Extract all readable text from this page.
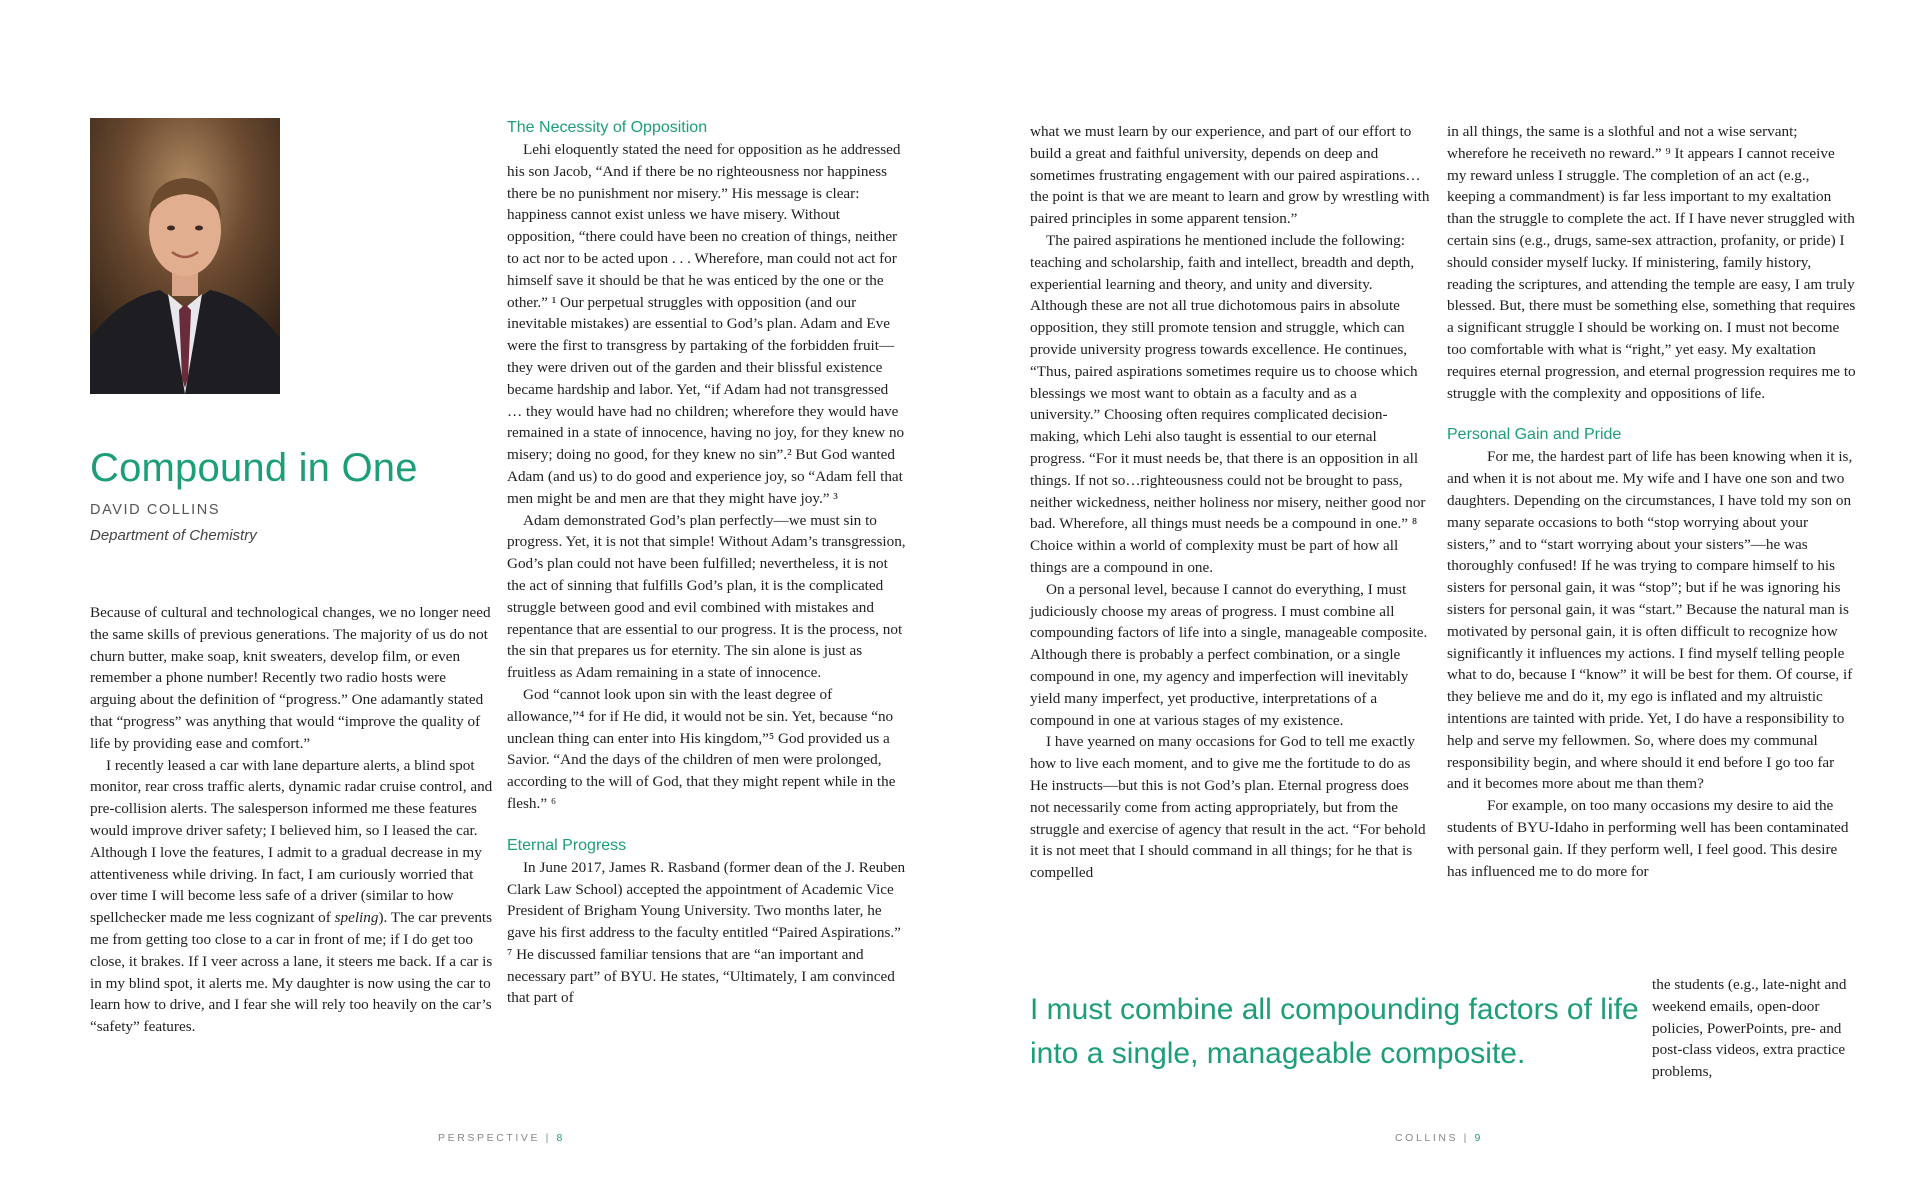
Compound in One
DAVID COLLINS
Department of Chemistry

Because of cultural and technological changes, we no longer need the same skills of previous generations. The majority of us do not churn butter, make soap, knit sweaters, develop film, or even remember a phone number! Recently two radio hosts were arguing about the definition of “progress.” One adamantly stated that “progress” was anything that would “improve the quality of life by providing ease and comfort.”

I recently leased a car with lane departure alerts, a blind spot monitor, rear cross traffic alerts, dynamic radar cruise control, and pre-collision alerts. The salesperson informed me these features would improve driver safety; I believed him, so I leased the car. Although I love the features, I admit to a gradual decrease in my attentiveness while driving. In fact, I am curiously worried that over time I will become less safe of a driver (similar to how spellchecker made me less cognizant of speling). The car prevents me from getting too close to a car in front of me; if I do get too close, it brakes. If I veer across a lane, it steers me back. If a car is in my blind spot, it alerts me. My daughter is now using the car to learn how to drive, and I fear she will rely too heavily on the car’s “safety” features.

The Necessity of Opposition

Lehi eloquently stated the need for opposition as he addressed his son Jacob, “And if there be no righteousness nor happiness there be no punishment nor misery.” His message is clear: happiness cannot exist unless we have misery. Without opposition, “there could have been no creation of things, neither to act nor to be acted upon . . . Wherefore, man could not act for himself save it should be that he was enticed by the one or the other.” ¹ Our perpetual struggles with opposition (and our inevitable mistakes) are essential to God’s plan. Adam and Eve were the first to transgress by partaking of the forbidden fruit—they were driven out of the garden and their blissful existence became hardship and labor. Yet, “if Adam had not transgressed … they would have had no children; wherefore they would have remained in a state of innocence, having no joy, for they knew no misery; doing no good, for they knew no sin”.² But God wanted Adam (and us) to do good and experience joy, so “Adam fell that men might be and men are that they might have joy.” ³

Adam demonstrated God’s plan perfectly—we must sin to progress. Yet, it is not that simple! Without Adam’s transgression, God’s plan could not have been fulfilled; nevertheless, it is not the act of sinning that fulfills God’s plan, it is the complicated struggle between good and evil combined with mistakes and repentance that are essential to our progress. It is the process, not the sin that prepares us for eternity. The sin alone is just as fruitless as Adam remaining in a state of innocence.

God “cannot look upon sin with the least degree of allowance,”⁴ for if He did, it would not be sin. Yet, because “no unclean thing can enter into His kingdom,”⁵ God provided us a Savior. “And the days of the children of men were prolonged, according to the will of God, that they might repent while in the flesh.” ⁶

Eternal Progress

In June 2017, James R. Rasband (former dean of the J. Reuben Clark Law School) accepted the appointment of Academic Vice President of Brigham Young University. Two months later, he gave his first address to the faculty entitled “Paired Aspirations.” ⁷ He discussed familiar tensions that are “an important and necessary part” of BYU. He states, “Ultimately, I am convinced that part of

PERSPECTIVE | 8

what we must learn by our experience, and part of our effort to build a great and faithful university, depends on deep and sometimes frustrating engagement with our paired aspirations…the point is that we are meant to learn and grow by wrestling with paired principles in some apparent tension.”

The paired aspirations he mentioned include the following: teaching and scholarship, faith and intellect, breadth and depth, experiential learning and theory, and unity and diversity. Although these are not all true dichotomous pairs in absolute opposition, they still promote tension and struggle, which can provide university progress towards excellence. He continues, “Thus, paired aspirations sometimes require us to choose which blessings we most want to obtain as a faculty and as a university.” Choosing often requires complicated decision-making, which Lehi also taught is essential to our eternal progress. “For it must needs be, that there is an opposition in all things. If not so…righteousness could not be brought to pass, neither wickedness, neither holiness nor misery, neither good nor bad. Wherefore, all things must needs be a compound in one.” ⁸ Choice within a world of complexity must be part of how all things are a compound in one.

On a personal level, because I cannot do everything, I must judiciously choose my areas of progress. I must combine all compounding factors of life into a single, manageable composite. Although there is probably a perfect combination, or a single compound in one, my agency and imperfection will inevitably yield many imperfect, yet productive, interpretations of a compound in one at various stages of my existence.

I have yearned on many occasions for God to tell me exactly how to live each moment, and to give me the fortitude to do as He instructs—but this is not God’s plan. Eternal progress does not necessarily come from acting appropriately, but from the struggle and exercise of agency that result in the act. “For behold it is not meet that I should command in all things; for he that is compelled

I must combine all compounding factors of life into a single, manageable composite.

in all things, the same is a slothful and not a wise servant; wherefore he receiveth no reward.” ⁹ It appears I cannot receive my reward unless I struggle. The completion of an act (e.g., keeping a commandment) is far less important to my exaltation than the struggle to complete the act. If I have never struggled with certain sins (e.g., drugs, same-sex attraction, profanity, or pride) I should consider myself lucky. If ministering, family history, reading the scriptures, and attending the temple are easy, I am truly blessed. But, there must be something else, something that requires a significant struggle I should be working on. I must not become too comfortable with what is “right,” yet easy. My exaltation requires eternal progression, and eternal progression requires me to struggle with the complexity and oppositions of life.

Personal Gain and Pride

For me, the hardest part of life has been knowing when it is, and when it is not about me. My wife and I have one son and two daughters. Depending on the circumstances, I have told my son on many separate occasions to both “stop worrying about your sisters,” and to “start worrying about your sisters”—he was thoroughly confused! If he was trying to compare himself to his sisters for personal gain, it was “stop”; but if he was ignoring his sisters for personal gain, it was “start.” Because the natural man is motivated by personal gain, it is often difficult to recognize how significantly it influences my actions. I find myself telling people what to do, because I “know” it will be best for them. Of course, if they believe me and do it, my ego is inflated and my altruistic intentions are tainted with pride. Yet, I do have a responsibility to help and serve my fellowmen. So, where does my communal responsibility begin, and where should it end before I go too far and it becomes more about me than them?

For example, on too many occasions my desire to aid the students of BYU-Idaho in performing well has been contaminated with personal gain. If they perform well, I feel good. This desire has influenced me to do more for

the students (e.g., late-night and weekend emails, open-door policies, PowerPoints, pre- and post-class videos, extra practice problems,

COLLINS | 9
